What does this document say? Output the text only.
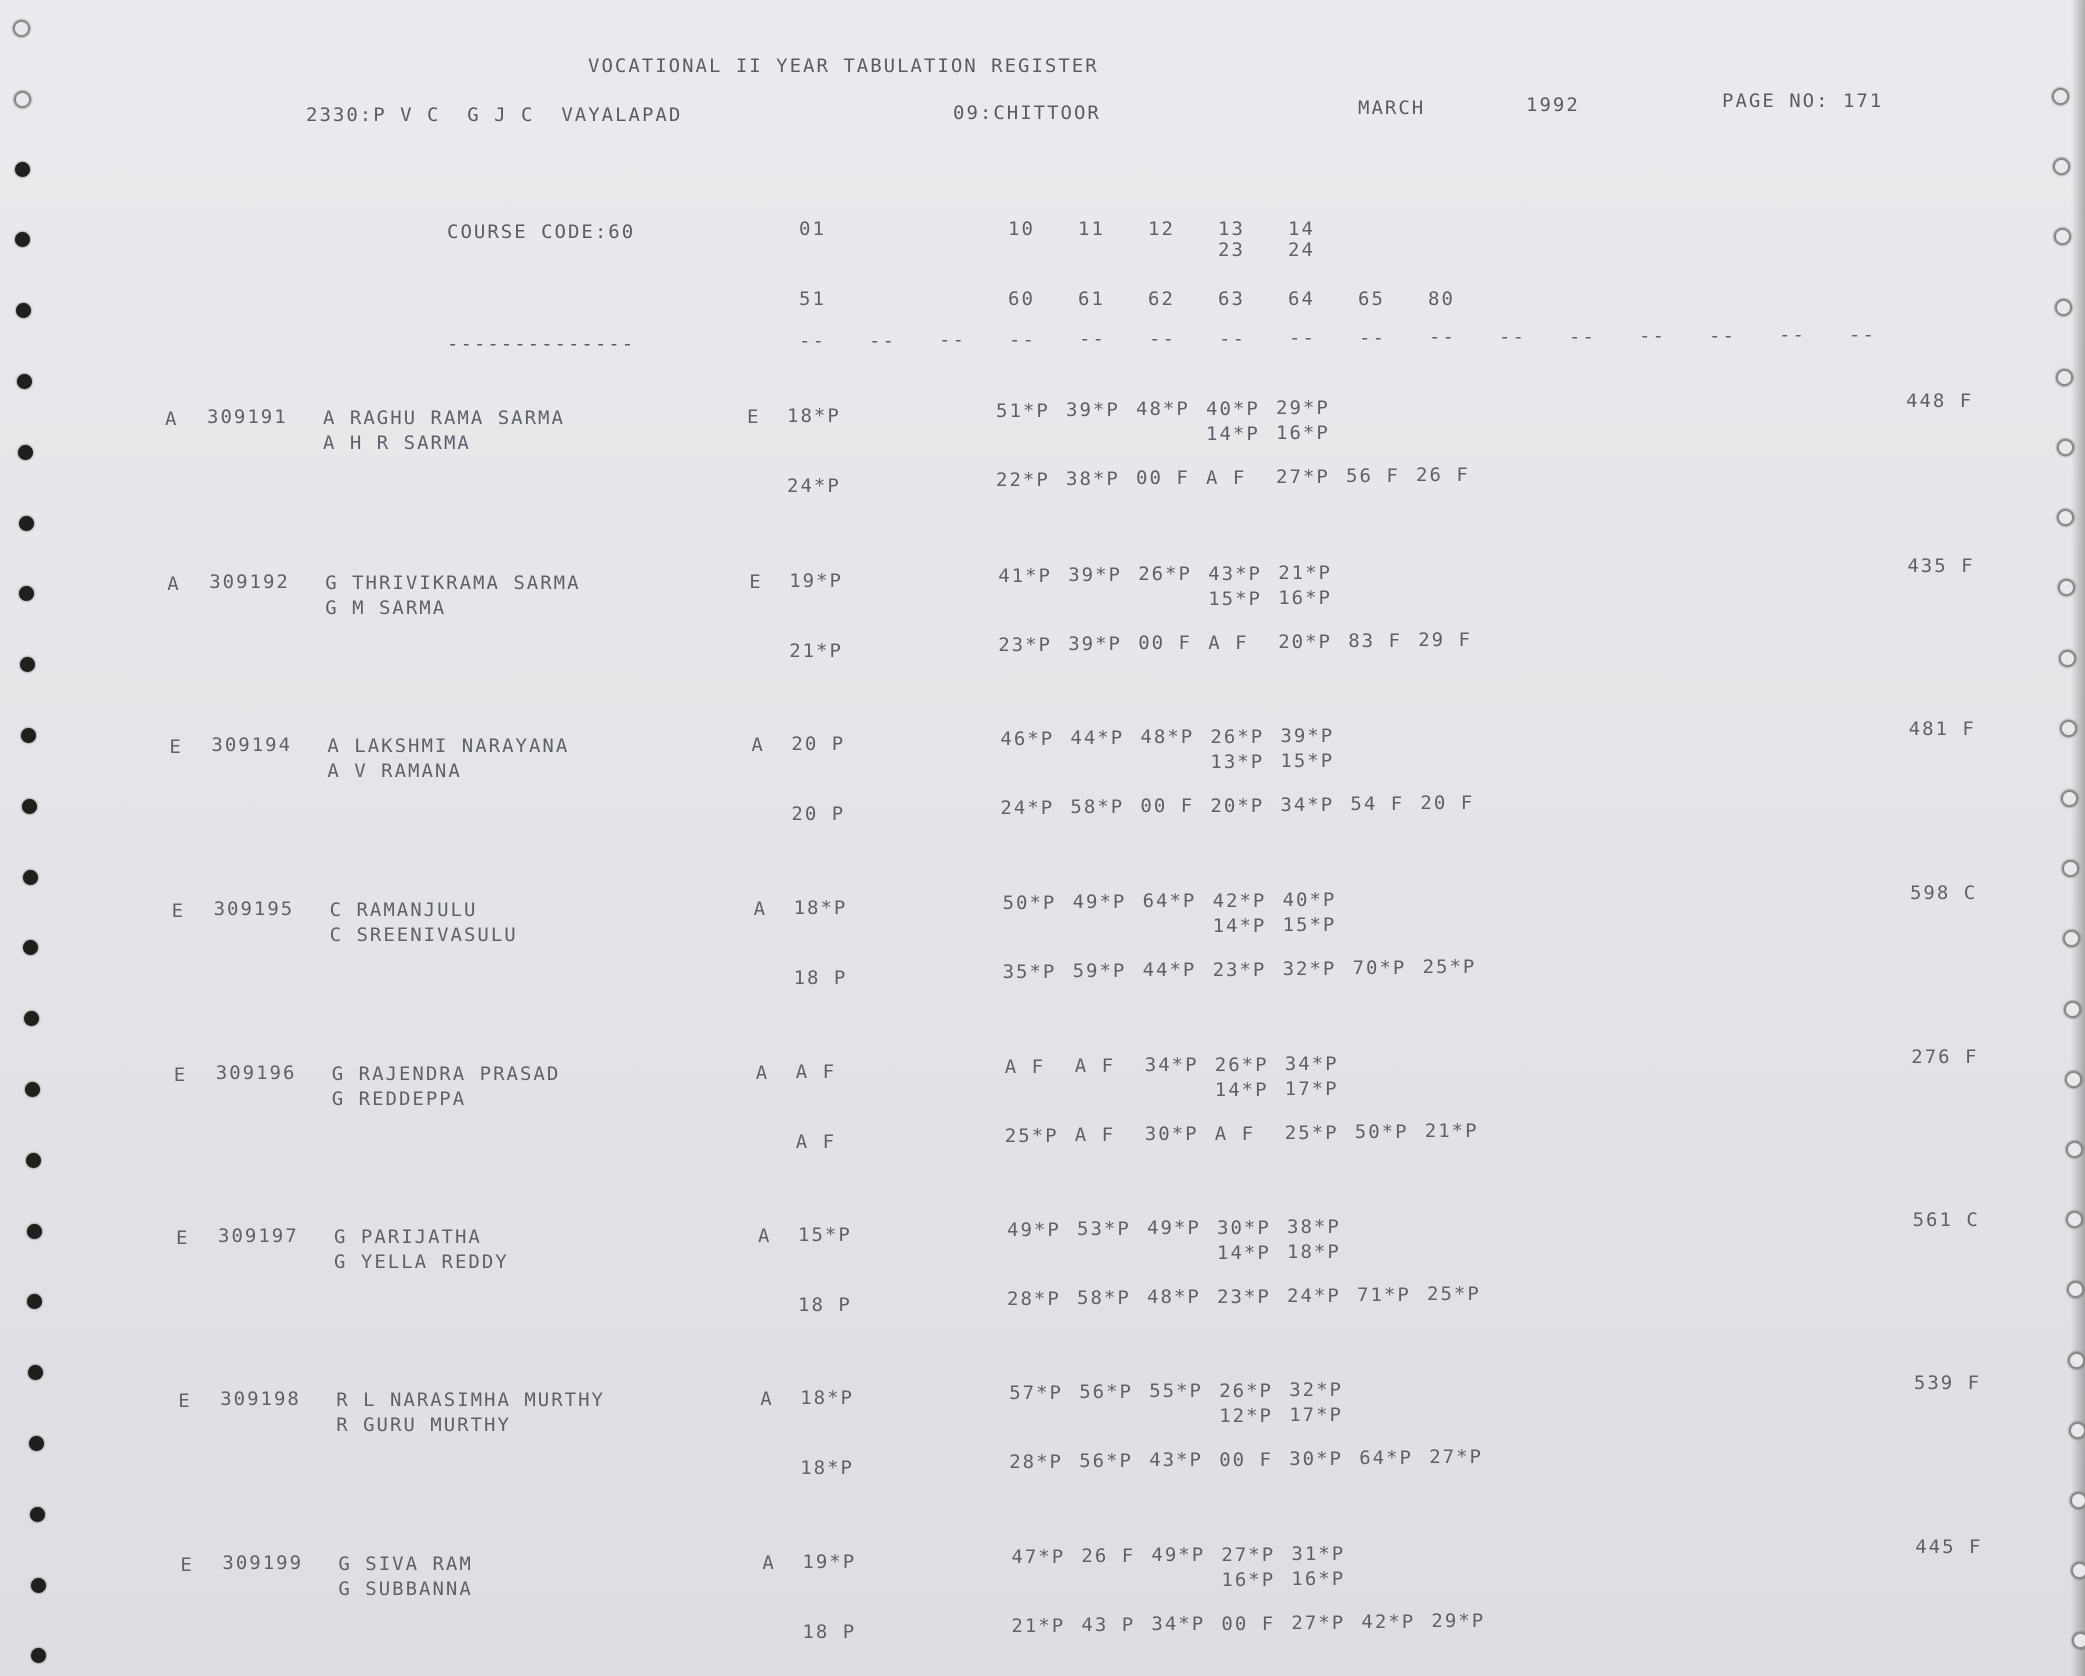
VOCATIONAL II YEAR TABULATION REGISTER
2330:P V C  G J C  VAYALAPAD	09:CHITTOOR	MARCH	1992	PAGE NO: 171
COURSE CODE:60
--------------
01	10 11 12 13 14
23 24
51	60 61 62 63 64 65 80
-- -- -- -- -- -- -- -- -- -- -- -- -- -- -- --
A 309191 A RAGHU RAMA SARMA
A H R SARMA
E 18*P	51*P 39*P 48*P 40*P 29*P
14*P 16*P
24*P	22*P 38*P 00 F A F 27*P 56 F 26 F
448 F
A 309192 G THRIVIKRAMA SARMA
G M SARMA
E 19*P	41*P 39*P 26*P 43*P 21*P
15*P 16*P
21*P	23*P 39*P 00 F A F 20*P 83 F 29 F
435 F
E 309194 A LAKSHMI NARAYANA
A V RAMANA
A 20 P	46*P 44*P 48*P 26*P 39*P
13*P 15*P
20 P	24*P 58*P 00 F 20*P 34*P 54 F 20 F
481 F
E 309195 C RAMANJULU
C SREENIVASULU
A 18*P	50*P 49*P 64*P 42*P 40*P
14*P 15*P
18 P	35*P 59*P 44*P 23*P 32*P 70*P 25*P
598 C
E 309196 G RAJENDRA PRASAD
G REDDEPPA
A A F	A F A F 34*P 26*P 34*P
14*P 17*P
A F	25*P A F 30*P A F 25*P 50*P 21*P
276 F
E 309197 G PARIJATHA
G YELLA REDDY
A 15*P	49*P 53*P 49*P 30*P 38*P
14*P 18*P
18 P	28*P 58*P 48*P 23*P 24*P 71*P 25*P
561 C
E 309198 R L NARASIMHA MURTHY
R GURU MURTHY
A 18*P	57*P 56*P 55*P 26*P 32*P
12*P 17*P
18*P	28*P 56*P 43*P 00 F 30*P 64*P 27*P
539 F
E 309199 G SIVA RAM
G SUBBANNA
A 19*P	47*P 26 F 49*P 27*P 31*P
16*P 16*P
18 P	21*P 43 P 34*P 00 F 27*P 42*P 29*P
445 F
